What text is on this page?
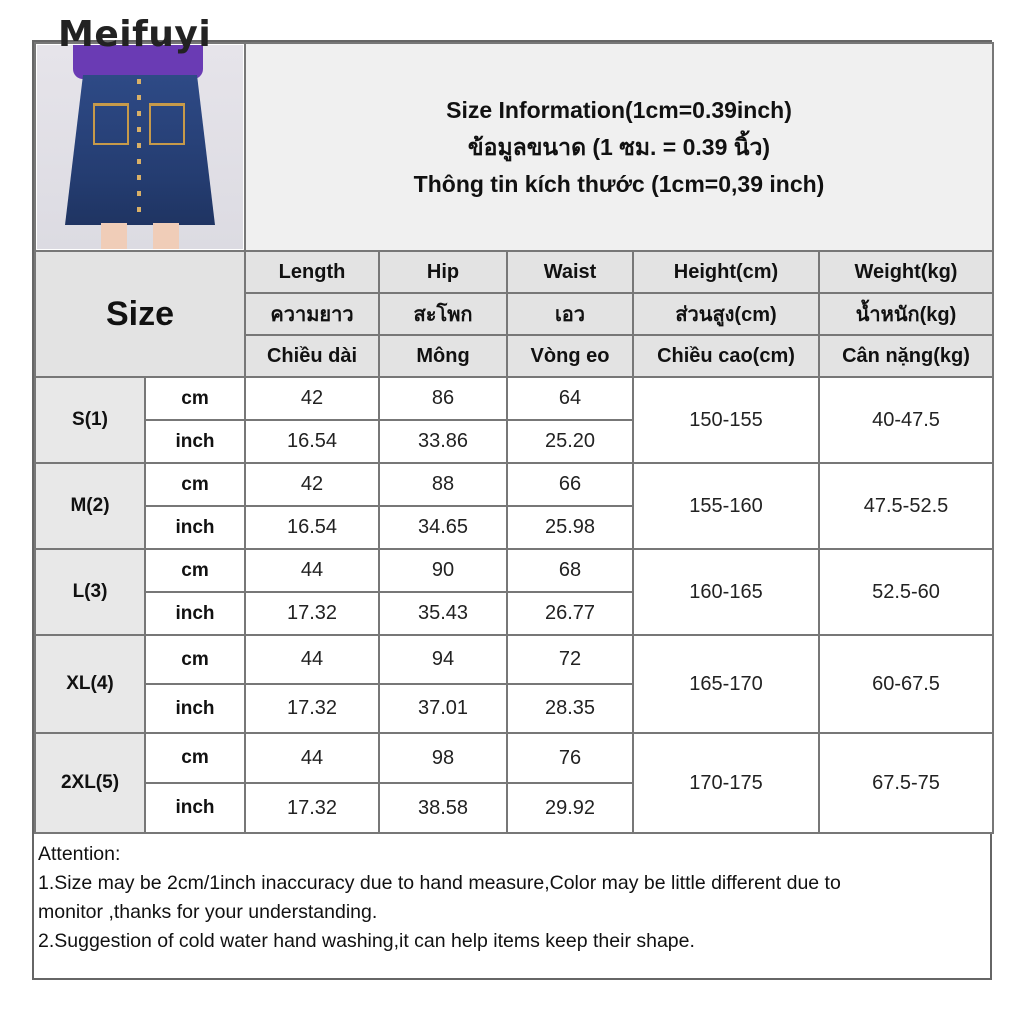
Meifuyi

		Size Information(1cm=0.39inch)
ข้อมูลขนาด (1 ซม. = 0.39 นิ้ว)
Thông tin kích thước (1cm=0,39 inch)				

Size		Length	Hip	Waist	Height(cm)	Weight(kg)
		ความยาว	สะโพก	เอว	ส่วนสูง(cm)	น้ำหนัก(kg)
		Chiều dài	Mông	Vòng eo	Chiều cao(cm)	Cân nặng(kg)
S(1)	cm	42	86	64	150-155	40-47.5
	inch	16.54	33.86	25.20		
M(2)	cm	42	88	66	155-160	47.5-52.5
	inch	16.54	34.65	25.98		
L(3)	cm	44	90	68	160-165	52.5-60
	inch	17.32	35.43	26.77		
XL(4)	cm	44	94	72	165-170	60-67.5
	inch	17.32	37.01	28.35		
2XL(5)	cm	44	98	76	170-175	67.5-75
	inch	17.32	38.58	29.92		
Attention:
1.Size may be 2cm/1inch inaccuracy due to hand measure,Color may be little different due to
monitor ,thanks for your understanding.
2.Suggestion of cold water hand washing,it can help items keep their shape.
